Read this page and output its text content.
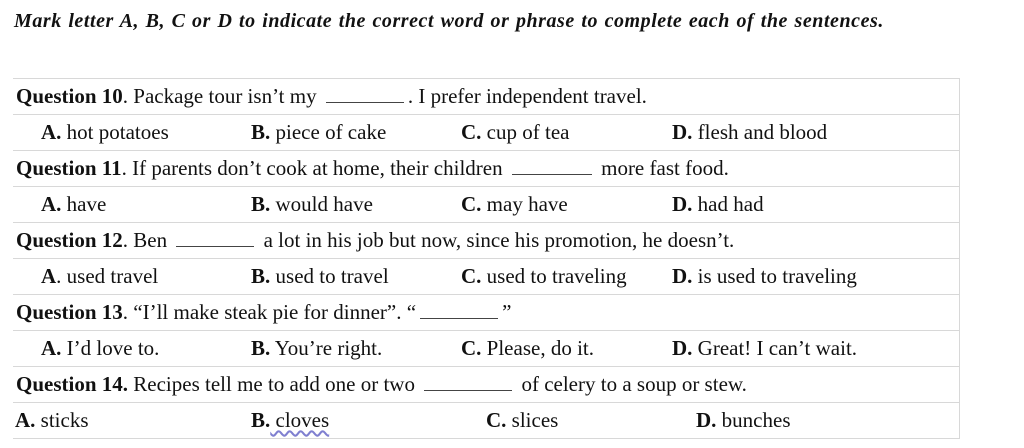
Mark letter A, B, C or D to indicate the correct word or phrase to complete each of the sentences.
Question 10. Package tour isn’t my	. I prefer independent travel.
A. hot potatoes	B. piece of cake	C. cup of tea	D. flesh and blood
Question 11. If parents don’t cook at home, their children	more fast food.
A. have	B. would have	C. may have	D. had had
Question 12. Ben	a lot in his job but now, since his promotion, he doesn’t.
A. used travel	B. used to travel	C. used to traveling D. is used to traveling
Question 13. “I’ll make steak pie for dinner”. “	”
A. I’d love to.	B. You’re right.	C. Please, do it.	D. Great! I can’t wait.
Question 14. Recipes tell me to add one or two	of celery to a soup or stew.
A. sticks	B. cloves	C. slices	D. bunches
